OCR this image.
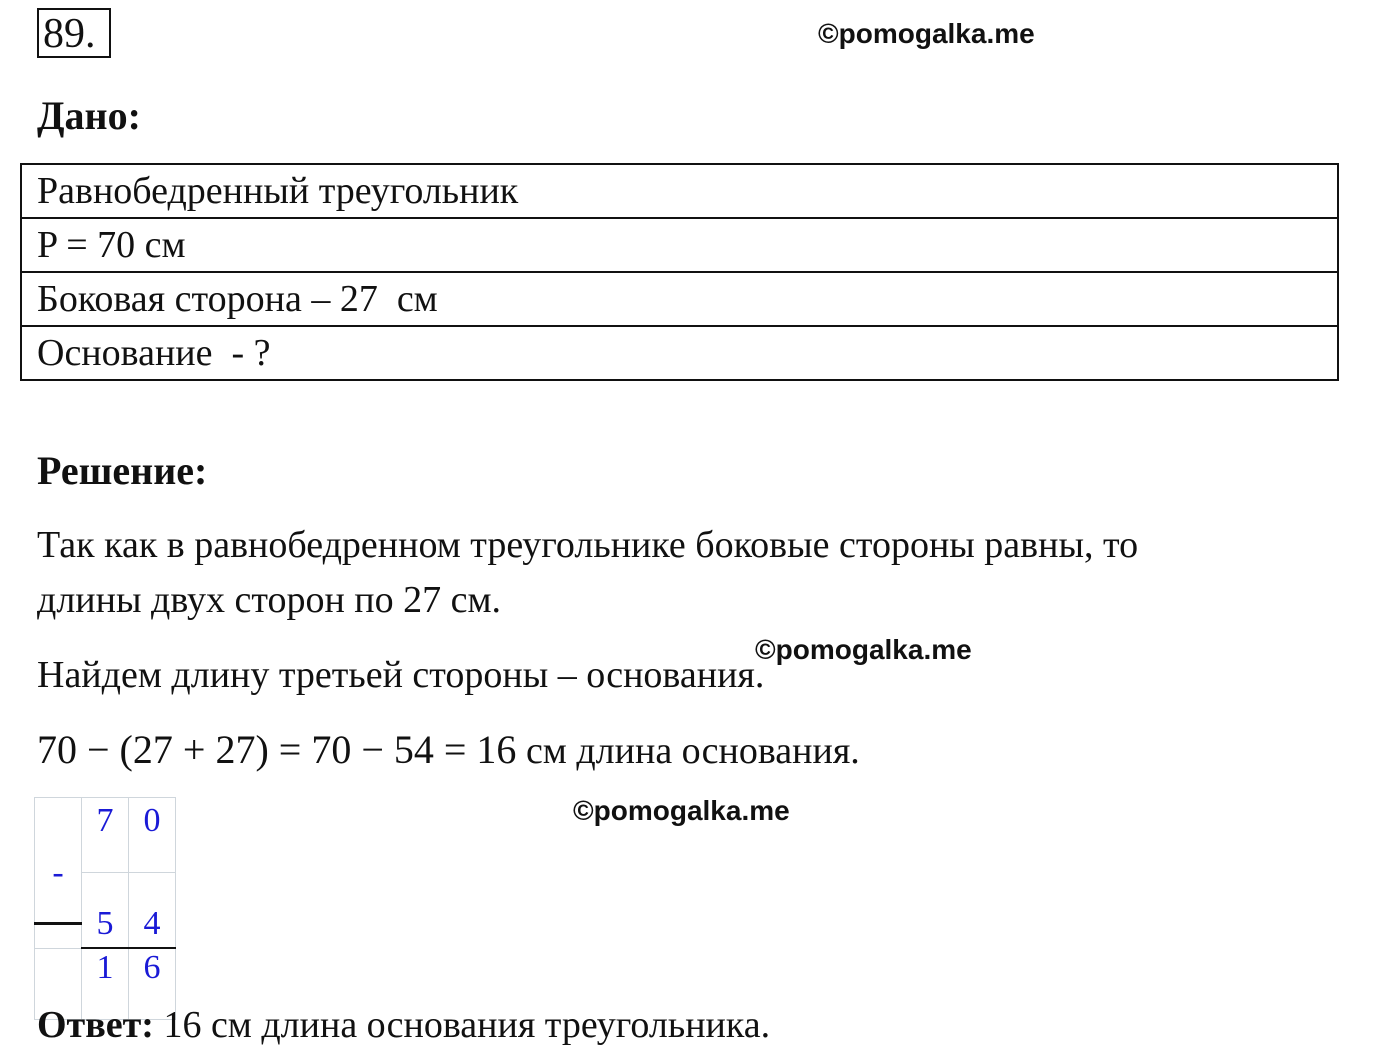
89.	©pomogalka.me
Дано:
Равнобедренный треугольник
P = 70 см
Боковая сторона – 27  см
Основание  - ?
Решение:
Так как в равнобедренном треугольнике боковые стороны равны, то
длины двух сторон по 27 см.
Найдем длину третьей стороны – основания.
©pomogalka.me
70 − (27 + 27) = 70 − 54 = 16 см длина основания.
©pomogalka.me
-	7	0
	5	4
	1	6
Ответ: 16 см длина основания треугольника.
